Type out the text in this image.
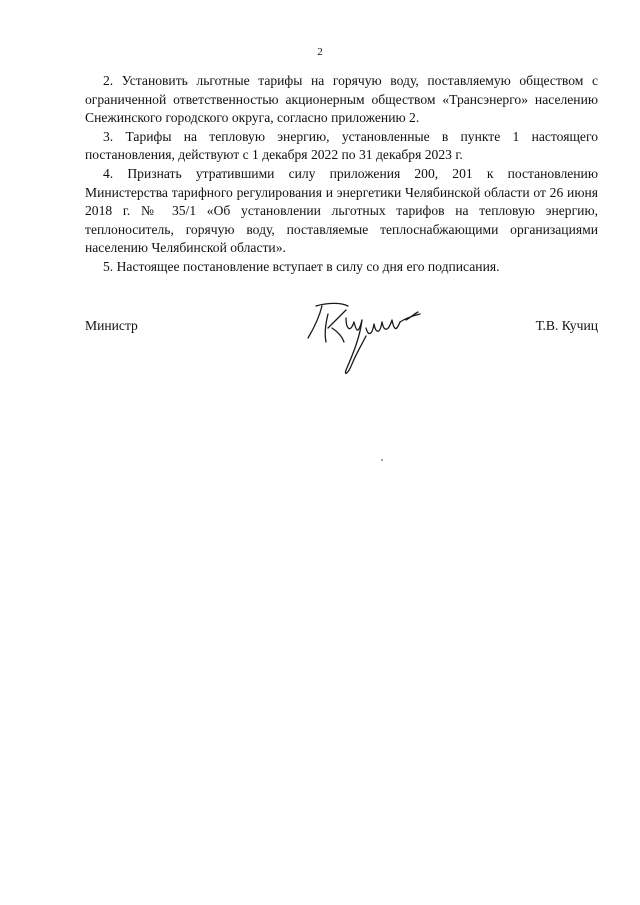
2

2. Установить льготные тарифы на горячую воду, поставляемую обществом с ограниченной ответственностью акционерным обществом «Трансэнерго» населению Снежинского городского округа, согласно приложению 2.

3. Тарифы на тепловую энергию, установленные в пункте 1 настоящего постановления, действуют с 1 декабря 2022 по 31 декабря 2023 г.

4. Признать утратившими силу приложения 200, 201 к постановлению Министерства тарифного регулирования и энергетики Челябинской области от 26 июня 2018 г. № 35/1 «Об установлении льготных тарифов на тепловую энергию, теплоноситель, горячую воду, поставляемые теплоснабжающими организациями населению Челябинской области».

5. Настоящее постановление вступает в силу со дня его подписания.

Министр	Т.В. Кучиц
